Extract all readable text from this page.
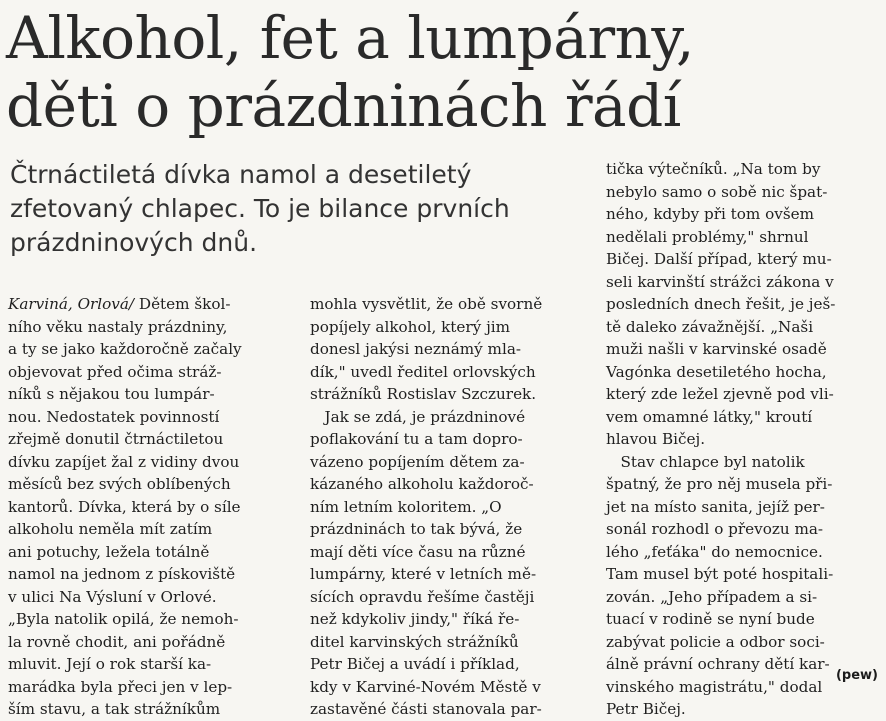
Alkohol, fet a lumpárny,
děti o prázdninách řádí
Čtrnáctiletá dívka namol a desetiletý
zfetovaný chlapec. To je bilance prvních
prázdninových dnů.
Karviná, Orlová/ Dětem škol-
ního věku nastaly prázdniny,
a ty se jako každoročně začaly
objevovat před očima stráž-
níků s nějakou tou lumpár-
nou. Nedostatek povinností
zřejmě donutil čtrnáctiletou
dívku zapíjet žal z vidiny dvou
měsíců bez svých oblíbených
kantorů. Dívka, která by o síle
alkoholu neměla mít zatím
ani potuchy, ležela totálně
namol na jednom z pískoviště
v ulici Na Výsluní v Orlové.
„Byla natolik opilá, že nemoh-
la rovně chodit, ani pořádně
mluvit. Její o rok starší ka-
marádka byla přeci jen v lep-
ším stavu, a tak strážníkům
mohla vysvětlit, že obě svorně
popíjely alkohol, který jim
donesl jakýsi neznámý mla-
dík," uvedl ředitel orlovských
strážníků Rostislav Szczurek.
Jak se zdá, je prázdninové
poflakování tu a tam dopro-
vázeno popíjením dětem za-
kázaného alkoholu každoroč-
ním letním koloritem. „O
prázdninách to tak bývá, že
mají děti více času na různé
lumpárny, které v letních mě-
sících opravdu řešíme častěji
než kdykoliv jindy," říká ře-
ditel karvinských strážníků
Petr Bičej a uvádí i příklad,
kdy v Karviné-Novém Městě v
zastavěné části stanovala par-
tička výtečníků. „Na tom by
nebylo samo o sobě nic špat-
ného, kdyby při tom ovšem
nedělali problémy," shrnul
Bičej. Další případ, který mu-
seli karvinští strážci zákona v
posledních dnech řešit, je ješ-
tě daleko závažnější. „Naši
muži našli v karvinské osadě
Vagónka desetiletého hocha,
který zde ležel zjevně pod vli-
vem omamné látky," kroutí
hlavou Bičej.
Stav chlapce byl natolik
špatný, že pro něj musela při-
jet na místo sanita, jejíž per-
sonál rozhodl o převozu ma-
lého „feťáka" do nemocnice.
Tam musel být poté hospitali-
zován. „Jeho případem a si-
tuací v rodině se nyní bude
zabývat policie a odbor soci-
álně právní ochrany dětí kar-
vinského magistrátu," dodal
Petr Bičej.
(pew)
